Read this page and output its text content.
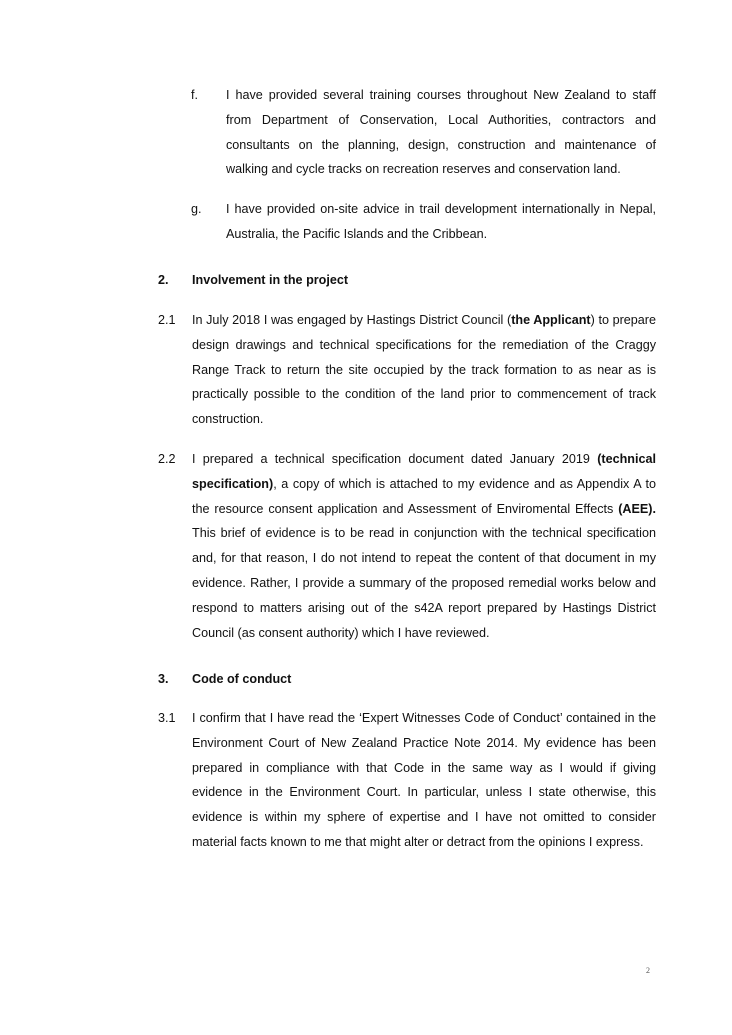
f. I have provided several training courses throughout New Zealand to staff from Department of Conservation, Local Authorities, contractors and consultants on the planning, design, construction and maintenance of walking and cycle tracks on recreation reserves and conservation land.
g. I have provided on-site advice in trail development internationally in Nepal, Australia, the Pacific Islands and the Cribbean.
2. Involvement in the project
2.1 In July 2018 I was engaged by Hastings District Council (the Applicant) to prepare design drawings and technical specifications for the remediation of the Craggy Range Track to return the site occupied by the track formation to as near as is practically possible to the condition of the land prior to commencement of track construction.
2.2 I prepared a technical specification document dated January 2019 (technical specification), a copy of which is attached to my evidence and as Appendix A to the resource consent application and Assessment of Enviromental Effects (AEE). This brief of evidence is to be read in conjunction with the technical specification and, for that reason, I do not intend to repeat the content of that document in my evidence. Rather, I provide a summary of the proposed remedial works below and respond to matters arising out of the s42A report prepared by Hastings District Council (as consent authority) which I have reviewed.
3. Code of conduct
3.1 I confirm that I have read the ‘Expert Witnesses Code of Conduct’ contained in the Environment Court of New Zealand Practice Note 2014. My evidence has been prepared in compliance with that Code in the same way as I would if giving evidence in the Environment Court. In particular, unless I state otherwise, this evidence is within my sphere of expertise and I have not omitted to consider material facts known to me that might alter or detract from the opinions I express.
2
